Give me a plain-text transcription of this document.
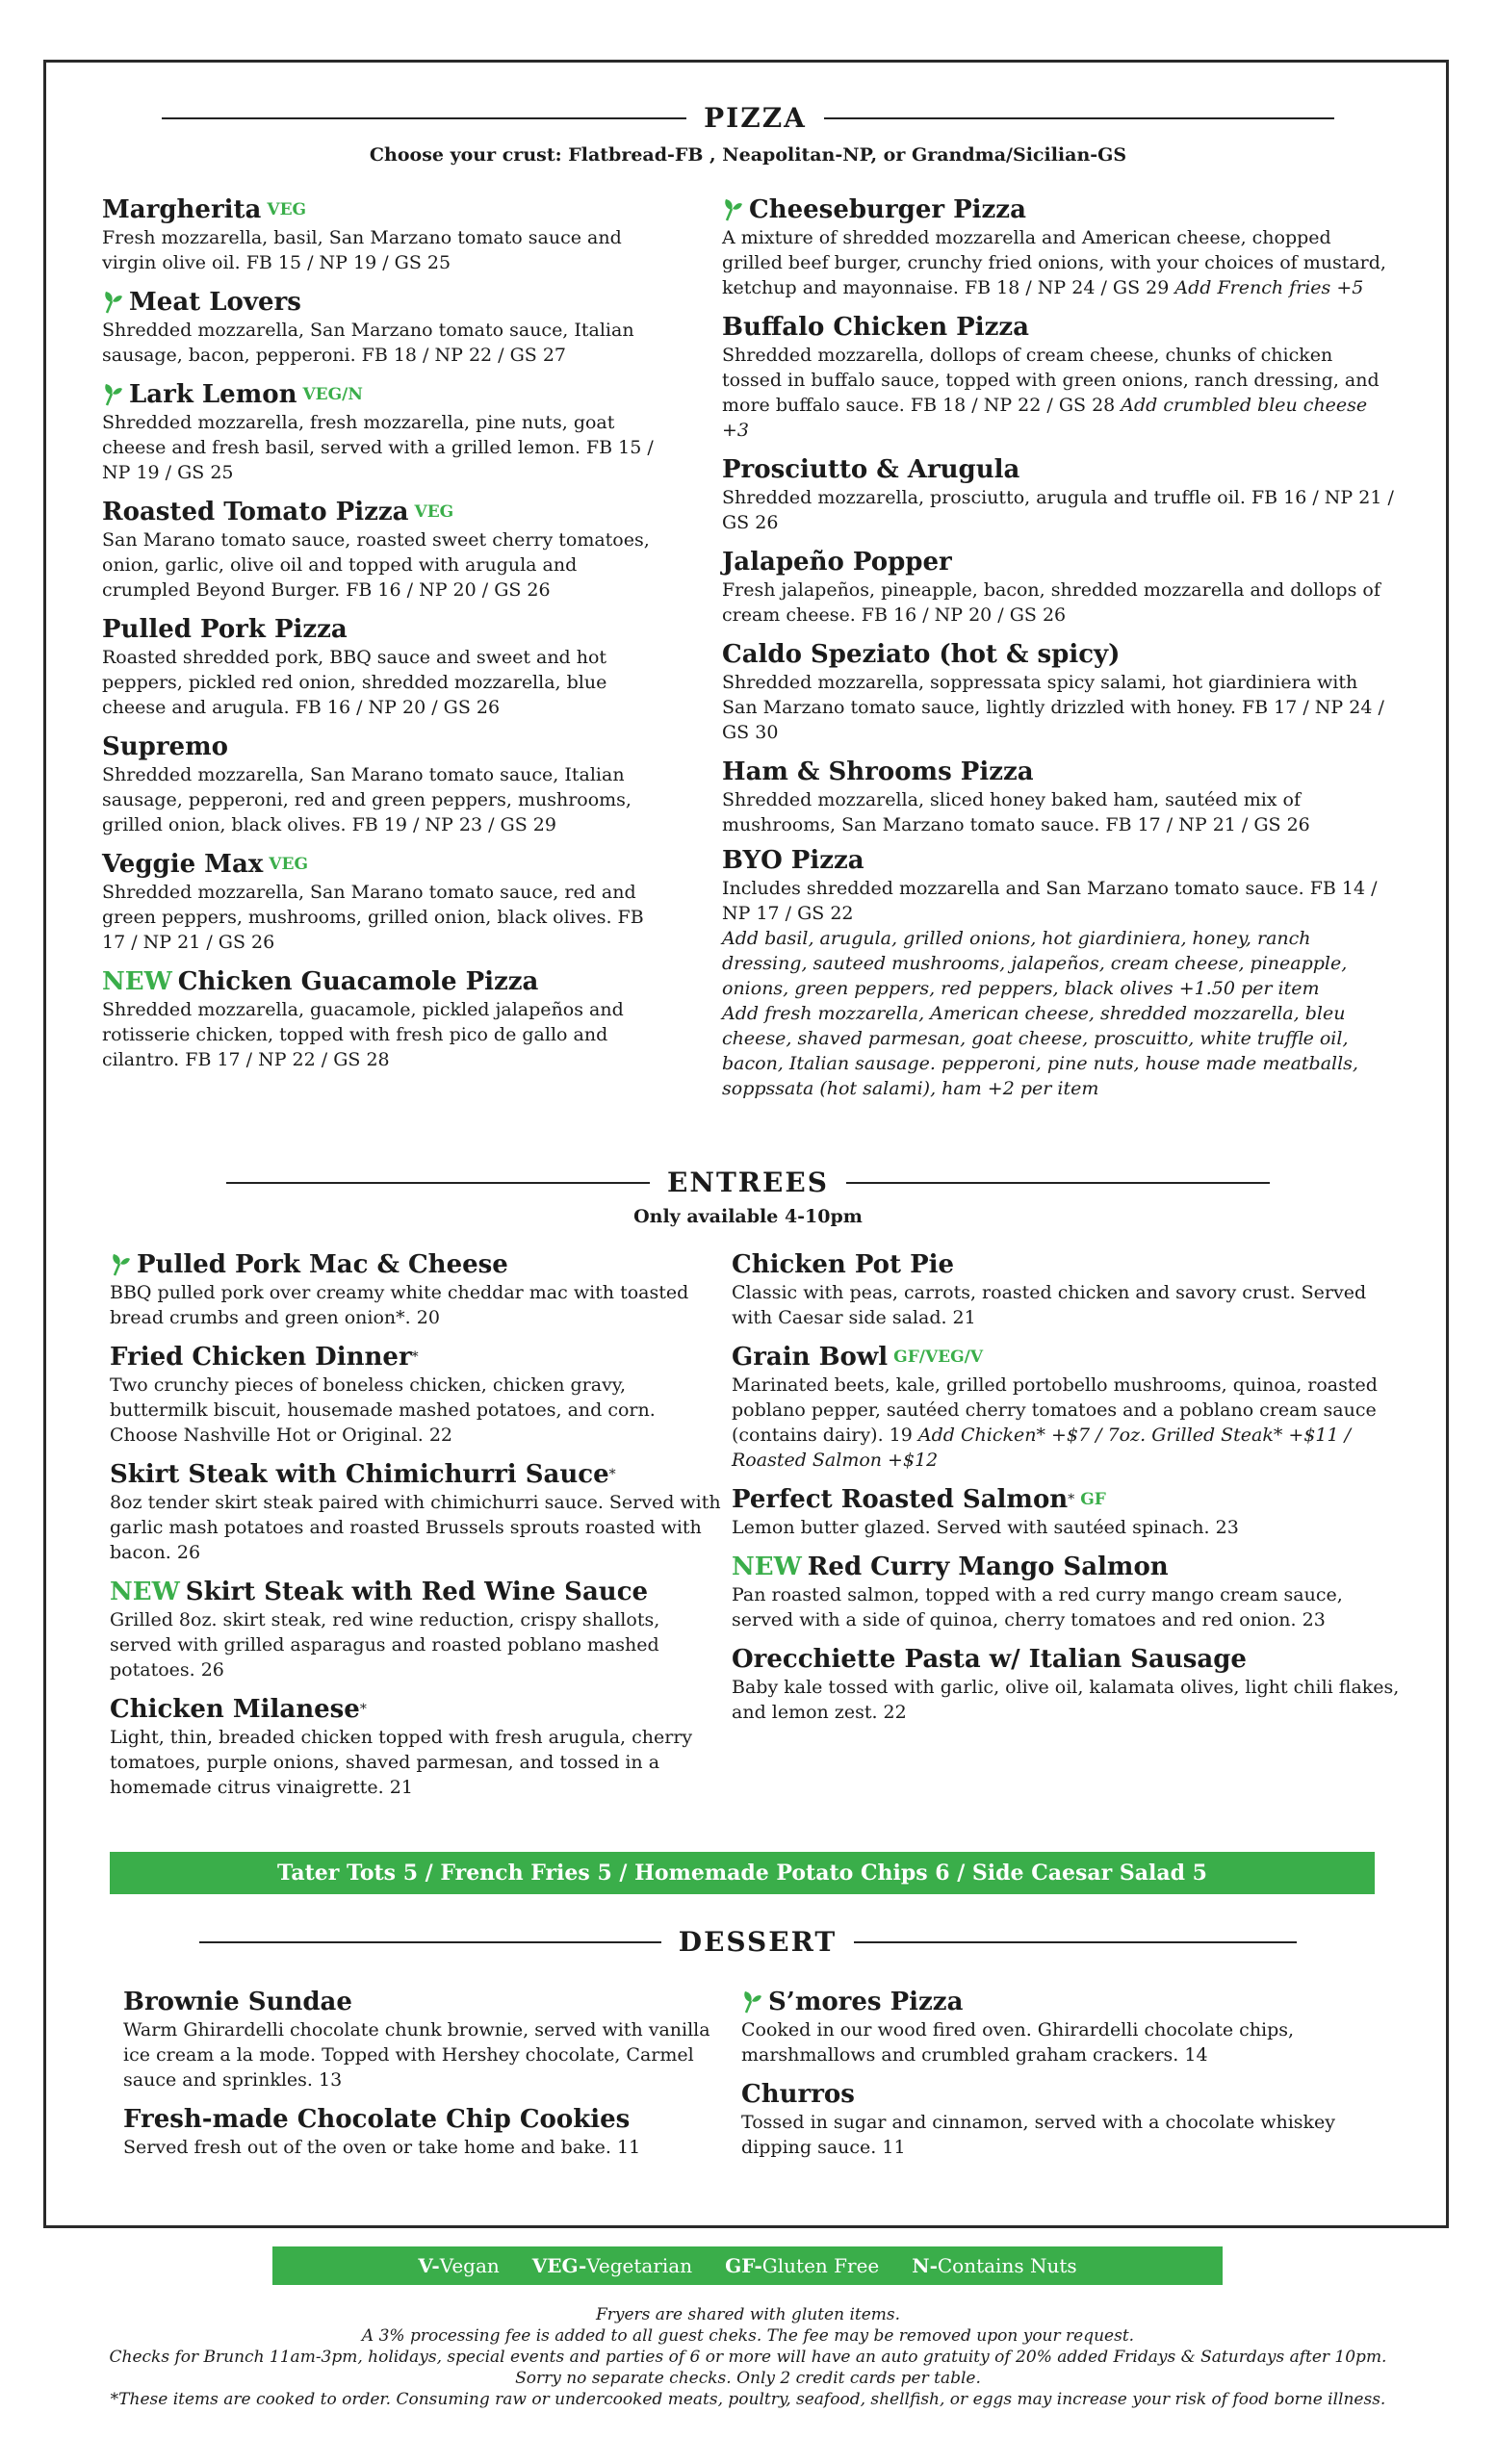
PIZZA
Choose your crust: Flatbread-FB , Neapolitan-NP, or Grandma/Sicilian-GS
Margherita VEG
Fresh mozzarella, basil, San Marzano tomato sauce and virgin olive oil. FB 15 / NP 19 / GS 25
Meat Lovers
Shredded mozzarella, San Marzano tomato sauce, Italian sausage, bacon, pepperoni. FB 18 / NP 22 / GS 27
Lark Lemon VEG/N
Shredded mozzarella, fresh mozzarella, pine nuts, goat cheese and fresh basil, served with a grilled lemon. FB 15 / NP 19 / GS 25
Roasted Tomato Pizza VEG
San Marano tomato sauce, roasted sweet cherry tomatoes, onion, garlic, olive oil and topped with arugula and crumpled Beyond Burger. FB 16 / NP 20 / GS 26
Pulled Pork Pizza
Roasted shredded pork, BBQ sauce and sweet and hot peppers, pickled red onion, shredded mozzarella, blue cheese and arugula. FB 16 / NP 20 / GS 26
Supremo
Shredded mozzarella, San Marano tomato sauce, Italian sausage, pepperoni, red and green peppers, mushrooms, grilled onion, black olives. FB 19 / NP 23 / GS 29
Veggie Max VEG
Shredded mozzarella, San Marano tomato sauce, red and green peppers, mushrooms, grilled onion, black olives. FB 17 / NP 21 / GS 26
NEW Chicken Guacamole Pizza
Shredded mozzarella, guacamole, pickled jalapeños and rotisserie chicken, topped with fresh pico de gallo and cilantro. FB 17 / NP 22 / GS 28
Cheeseburger Pizza
A mixture of shredded mozzarella and American cheese, chopped grilled beef burger, crunchy fried onions, with your choices of mustard, ketchup and mayonnaise. FB 18 / NP 24 / GS 29 Add French fries +5
Buffalo Chicken Pizza
Shredded mozzarella, dollops of cream cheese, chunks of chicken tossed in buffalo sauce, topped with green onions, ranch dressing, and more buffalo sauce. FB 18 / NP 22 / GS 28 Add crumbled bleu cheese +3
Prosciutto & Arugula
Shredded mozzarella, prosciutto, arugula and truffle oil. FB 16 / NP 21 / GS 26
Jalapeño Popper
Fresh jalapeños, pineapple, bacon, shredded mozzarella and dollops of cream cheese. FB 16 / NP 20 / GS 26
Caldo Speziato (hot & spicy)
Shredded mozzarella, soppressata spicy salami, hot giardiniera with San Marzano tomato sauce, lightly drizzled with honey. FB 17 / NP 24 / GS 30
Ham & Shrooms Pizza
Shredded mozzarella, sliced honey baked ham, sautéed mix of mushrooms, San Marzano tomato sauce. FB 17 / NP 21 / GS 26
BYO Pizza
Includes shredded mozzarella and San Marzano tomato sauce. FB 14 / NP 17 / GS 22
Add basil, arugula, grilled onions, hot giardiniera, honey, ranch dressing, sauteed mushrooms, jalapeños, cream cheese, pineapple, onions, green peppers, red peppers, black olives +1.50 per item
Add fresh mozzarella, American cheese, shredded mozzarella, bleu cheese, shaved parmesan, goat cheese, proscuitto, white truffle oil, bacon, Italian sausage. pepperoni, pine nuts, house made meatballs, soppssata (hot salami), ham +2 per item
ENTREES
Only available 4-10pm
Pulled Pork Mac & Cheese
BBQ pulled pork over creamy white cheddar mac with toasted bread crumbs and green onion*. 20
Fried Chicken Dinner *
Two crunchy pieces of boneless chicken, chicken gravy, buttermilk biscuit, housemade mashed potatoes, and corn. Choose Nashville Hot or Original. 22
Skirt Steak with Chimichurri Sauce *
8oz tender skirt steak paired with chimichurri sauce. Served with garlic mash potatoes and roasted Brussels sprouts roasted with bacon. 26
NEW Skirt Steak with Red Wine Sauce
Grilled 8oz. skirt steak, red wine reduction, crispy shallots, served with grilled asparagus and roasted poblano mashed potatoes. 26
Chicken Milanese *
Light, thin, breaded chicken topped with fresh arugula, cherry tomatoes, purple onions, shaved parmesan, and tossed in a homemade citrus vinaigrette. 21
Chicken Pot Pie
Classic with peas, carrots, roasted chicken and savory crust. Served with Caesar side salad. 21
Grain Bowl GF/VEG/V
Marinated beets, kale, grilled portobello mushrooms, quinoa, roasted poblano pepper, sautéed cherry tomatoes and a poblano cream sauce (contains dairy). 19 Add Chicken* +$7 / 7oz. Grilled Steak* +$11 / Roasted Salmon +$12
Perfect Roasted Salmon * GF
Lemon butter glazed. Served with sautéed spinach. 23
NEW Red Curry Mango Salmon
Pan roasted salmon, topped with a red curry mango cream sauce, served with a side of quinoa, cherry tomatoes and red onion. 23
Orecchiette Pasta w/ Italian Sausage
Baby kale tossed with garlic, olive oil, kalamata olives, light chili flakes, and lemon zest. 22
Tater Tots 5 / French Fries 5 / Homemade Potato Chips 6 / Side Caesar Salad 5
DESSERT
Brownie Sundae
Warm Ghirardelli chocolate chunk brownie, served with vanilla ice cream a la mode. Topped with Hershey chocolate, Carmel sauce and sprinkles. 13
Fresh-made Chocolate Chip Cookies
Served fresh out of the oven or take home and bake. 11
S’mores Pizza
Cooked in our wood fired oven. Ghirardelli chocolate chips, marshmallows and crumbled graham crackers. 14
Churros
Tossed in sugar and cinnamon, served with a chocolate whiskey dipping sauce. 11
V-Vegan VEG-Vegetarian GF-Gluten Free N-Contains Nuts
Fryers are shared with gluten items.
A 3% processing fee is added to all guest cheks. The fee may be removed upon your request.
Checks for Brunch 11am-3pm, holidays, special events and parties of 6 or more will have an auto gratuity of 20% added Fridays & Saturdays after 10pm.
Sorry no separate checks. Only 2 credit cards per table.
*These items are cooked to order. Consuming raw or undercooked meats, poultry, seafood, shellfish, or eggs may increase your risk of food borne illness.
